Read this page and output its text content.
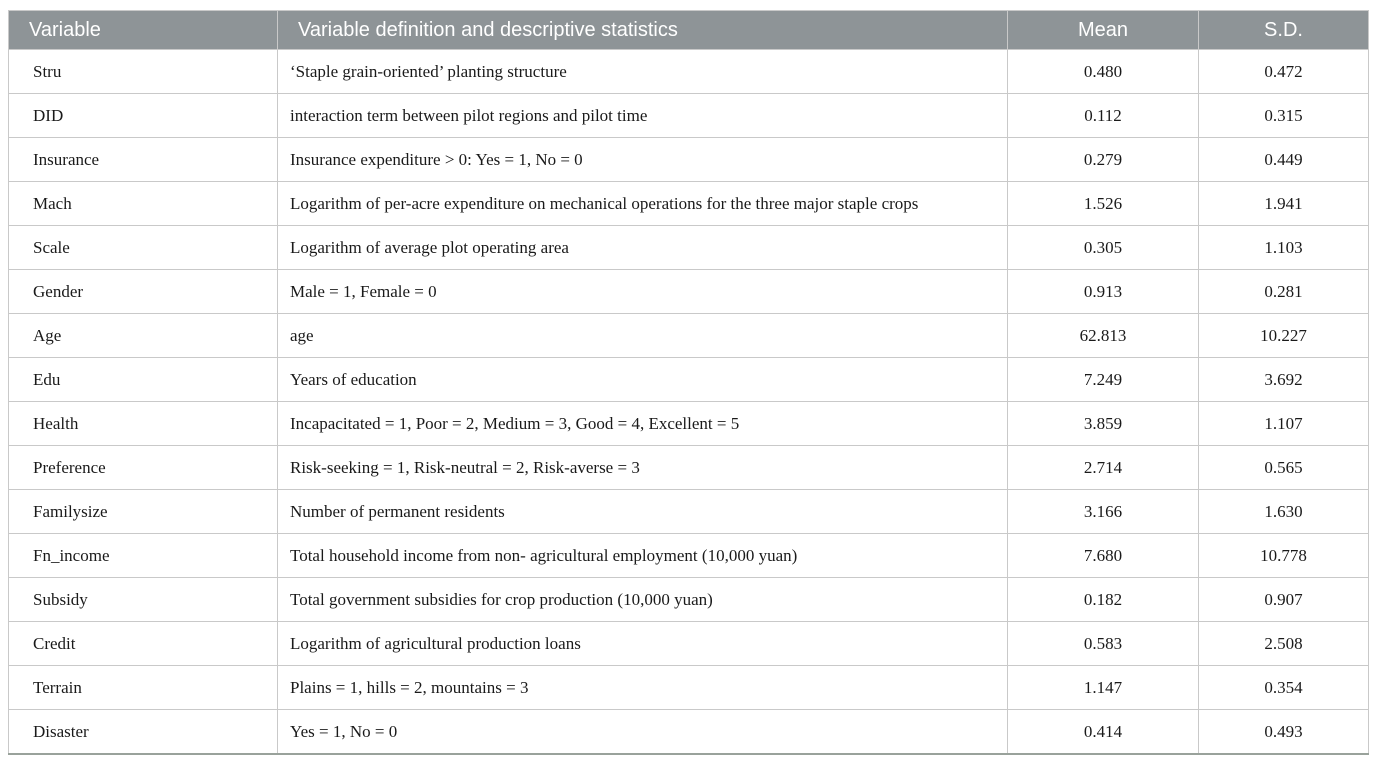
Variable	Variable definition and descriptive statistics	Mean	S.D.
Stru	‘Staple grain-oriented’ planting structure	0.480	0.472
DID	interaction term between pilot regions and pilot time	0.112	0.315
Insurance	Insurance expenditure > 0: Yes = 1, No = 0	0.279	0.449
Mach	Logarithm of per-acre expenditure on mechanical operations for the three major staple crops	1.526	1.941
Scale	Logarithm of average plot operating area	0.305	1.103
Gender	Male = 1, Female = 0	0.913	0.281
Age	age	62.813	10.227
Edu	Years of education	7.249	3.692
Health	Incapacitated = 1, Poor = 2, Medium = 3, Good = 4, Excellent = 5	3.859	1.107
Preference	Risk-seeking = 1, Risk-neutral = 2, Risk-averse = 3	2.714	0.565
Familysize	Number of permanent residents	3.166	1.630
Fn_income	Total household income from non- agricultural employment (10,000 yuan)	7.680	10.778
Subsidy	Total government subsidies for crop production (10,000 yuan)	0.182	0.907
Credit	Logarithm of agricultural production loans	0.583	2.508
Terrain	Plains = 1, hills = 2, mountains = 3	1.147	0.354
Disaster	Yes = 1, No = 0	0.414	0.493
